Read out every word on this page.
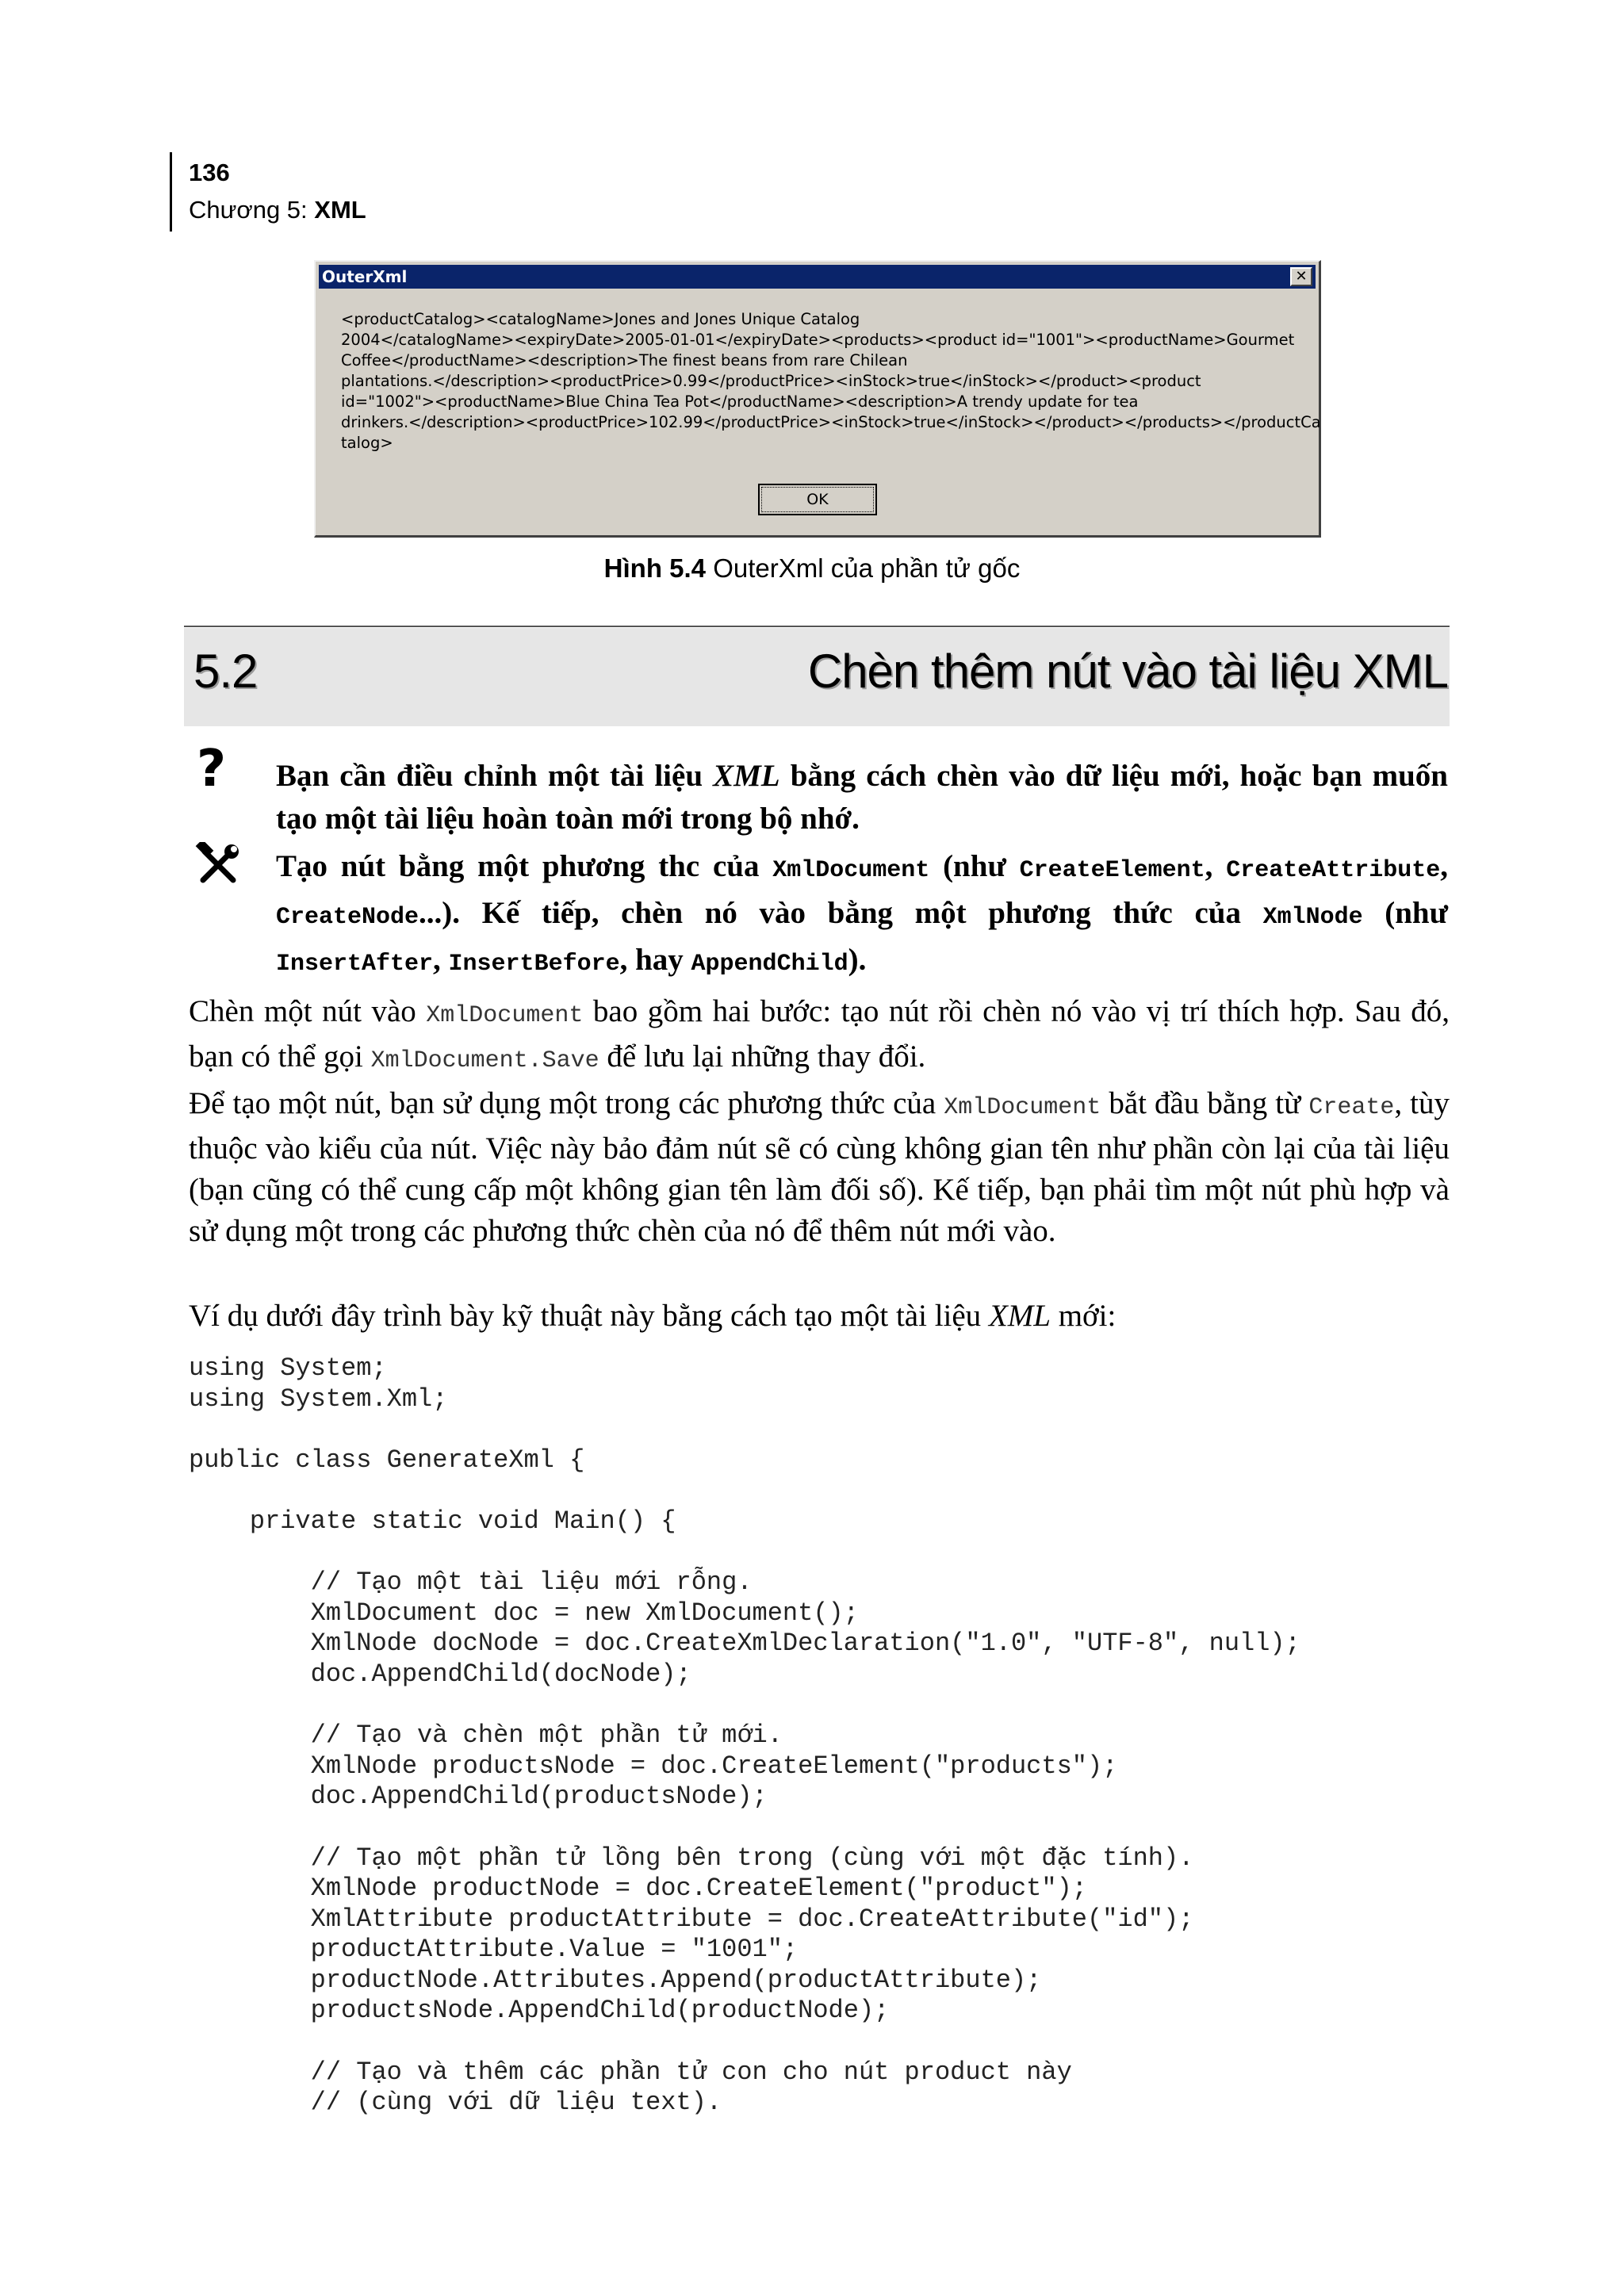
136
Chương 5: XML
OuterXml	✕
<productCatalog><catalogName>Jones and Jones Unique Catalog
2004</catalogName><expiryDate>2005-01-01</expiryDate><products><product id="1001"><productName>Gourmet
Coffee</productName><description>The finest beans from rare Chilean
plantations.</description><productPrice>0.99</productPrice><inStock>true</inStock></product><product
id="1002"><productName>Blue China Tea Pot</productName><description>A trendy update for tea
drinkers.</description><productPrice>102.99</productPrice><inStock>true</inStock></product></products></productCa
talog>
OK
Hình 5.4 OuterXml của phần tử gốc
5.2	Chèn thêm nút vào tài liệu XML
? Bạn cần điều chỉnh một tài liệu XML bằng cách chèn vào dữ liệu mới, hoặc bạn muốn tạo một tài liệu hoàn toàn mới trong bộ nhớ.
Tạo nút bằng một phương thc của XmlDocument (như CreateElement, CreateAttribute, CreateNode...). Kế tiếp, chèn nó vào bằng một phương thức của XmlNode (như InsertAfter, InsertBefore, hay AppendChild).
Chèn một nút vào XmlDocument bao gồm hai bước: tạo nút rồi chèn nó vào vị trí thích hợp. Sau đó, bạn có thể gọi XmlDocument.Save để lưu lại những thay đổi.
Để tạo một nút, bạn sử dụng một trong các phương thức của XmlDocument bắt đầu bằng từ Create, tùy thuộc vào kiểu của nút. Việc này bảo đảm nút sẽ có cùng không gian tên như phần còn lại của tài liệu (bạn cũng có thể cung cấp một không gian tên làm đối số). Kế tiếp, bạn phải tìm một nút phù hợp và sử dụng một trong các phương thức chèn của nó để thêm nút mới vào.
Ví dụ dưới đây trình bày kỹ thuật này bằng cách tạo một tài liệu XML mới:
using System;
using System.Xml;

public class GenerateXml {

private static void Main() {

// Tạo một tài liệu mới rỗng.
XmlDocument doc = new XmlDocument();
XmlNode docNode = doc.CreateXmlDeclaration("1.0", "UTF-8", null);
doc.AppendChild(docNode);

// Tạo và chèn một phần tử mới.
XmlNode productsNode = doc.CreateElement("products");
doc.AppendChild(productsNode);

// Tạo một phần tử lồng bên trong (cùng với một đặc tính).
XmlNode productNode = doc.CreateElement("product");
XmlAttribute productAttribute = doc.CreateAttribute("id");
productAttribute.Value = "1001";
productNode.Attributes.Append(productAttribute);
productsNode.AppendChild(productNode);

// Tạo và thêm các phần tử con cho nút product này
// (cùng với dữ liệu text).
